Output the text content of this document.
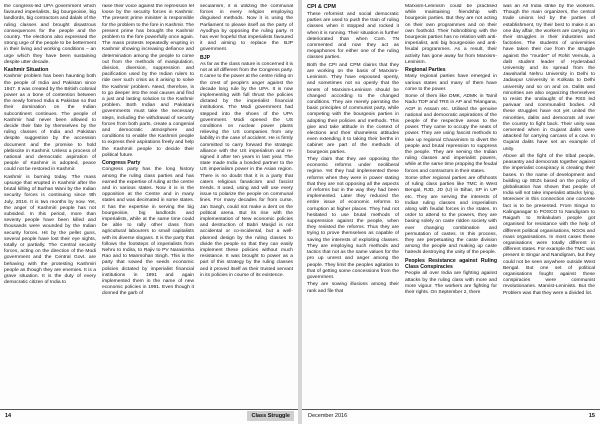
the congress-led UPA government which favoured imperialists, big bourgeoisie, big landlords, big contractors and dalals of the ruling classes and brought disastrous consequences for the people and the country. The elections also expressed the strong urge of the people to be betterment in their living and working conditions – an urge which they have been sustaining despite utter decade.

Kashmir Situation

Kashmir problem has been haunting both the people of India and Pakistan since 1947. It was created by the British colonial power as a bone of contention between the newly formed India & Pakistan so that their domination on the Indian subcontinent continues. The people of Kashmir had never been allowed to decide their fate by themselves by the ruling classes of India and Pakistan despite suggestion by the accession document and the promise to hold plebiscite in Kashmir. Unless a process of national and democratic aspiration of people of Kashmir is adopted, peace could not be restored in Kashmir.

Kashmir is burning today. The mass upsurge that erupted in Kashmir after the brutal killing of Burhan Wani by the Indian security forces is continuing since 9th July, 2016. It is two months by now. Yet, the anger of Kashmiri people has not subsided. In this period, more than seventy people have been killed and thousands were wounded by the Indian security forces. Hit by the pellet guns, several people have lost their eye sights, totally or partially. The Central security forces, acting on the direction of the Modi government and the Central Govt. are behaving with the protesting Kashmiri people as though they are enemies. It is a grave situation. It is the duty of every democratic citizen of India to

raise their voice against the repression let loose by the security forces in Kashmir. The present prime minister is responsible for the problem to the fore in Kashmir. The present prime has brought the Kashmir problem to the fore powerfully once again. The mass protests repeatedly erupting in Kashmir showing increasing defiance and determination among the people to come out from the methods of manipulation, division, diversion, suppression and pacification used by the Indian rulers to ride over such crisis as it arising to solve the Kashmir problem. Need, therefore, is to go deeper into the real causes and find a just and lasting solution to the Kashmir problem. Both Indian and Pakistani governments must take the necessary steps, including the withdrawal of security forces from both parts, create a congenial and democratic atmosphere and conditions to enable the Kashmiri people to express their aspirations freely and help the Kashmiri people to decide their political future.

Congress Party

Congress party has the long history among the ruling class parties and has earned the expertise of ruling at the centre and in various states. Now it is in the opposition at the Centre and in many states and was decimated in some states. It has the expertise in serving the big bourgeoisie, big landlords and imperialists, while at the same time could be able to rally other class from agricultural labourers to small capitalists with its diverse slogans. It is the party that follows the footsteps of imperialists from Nehru to Indira, to Rajiv to PV Narasimha Rao and to Manmohan Singh. This is the party that sowed the seeds economic policies dictated by imperialist financial institutions in 1991 and again implemented them in the name of new economic policies in 1991. Even though it donned the garb of

secularism, it is utilizing the communal forces in every religion employing disguised methods. Now it is using the Parliament to please itself as the party of Ayodhya by opposing the ruling party. It has ever hopeful that imperialists favoured it and aiming to replace the BJP government.

BJP

As far as the class nature is concerned it is not at all different from the Congress party. It came to the power at the centre riding on the crest of people's anger against the decade long rule by the UPA. It is now implementing with full thrust the policies dictated by the imperialist financial institutions. The Modi government had stepped into the shoes of the UPA government. Modi opened the US conditions on nuclear power plants relieving the US companies from any liability in the case of accident. He is firmly committed to carry forward the strategic alliance with the US imperialism and re-signed it after ten years in last year. The state made India a bonded partner to the US imperialism power in the Asian region. There is no doubt that it is a party that caters religious fanaticism and fascist trends. It used, using and will use every issue to polarize the people on communal lines. For many decades for from curse, Jan Sangh, could not make a dent on the political arena. But its rise with the implementation of New economic policies and destruction of Babri Masjid is not accidental or co-incidental, but a well-planned design by the ruling classes to divide the people so that they can easily implement these policies without much resistance. It was brought to power as a part of this strategy by the ruling classes and it proved itself as their trusted servant in its policies in course of its existence.

14	Class Struggle
CPI & CPM

These reformist and social democratic parties are used to push the train of ruling classes when it stopped and rocked it when it is running. Their situation is further deteriorated than when Com. TN commented and now they act as megaphones for either one of the ruling classes parties.

Both the CPI and CPM claims that they are working on the basis of Marxism-Leninism. They have espoused openly, and sometimes not so openly that the tenets of Marxism-Leninism should be changed according to the changed conditions. They are merely parroting the basic principles of communist party, while competing with the bourgeois parties in adopting their policies and methods. This give and take attitude in the context of elections and their shameless attitudes even extending it to taking their berths in cabinet are part of the methods of bourgeois parties.

They claim that they are opposing the economic reforms under neoliberal regime. Yet they had implemented these reforms when they were in power stating that they are not opposing all the aspects of reforms but in the way they had been implemented. Later they reduced the entire issue of economic reforms to corruption at higher places. They had not hesitated to use brutal methods of suppression against the people, when they resisted the reforms. Thus they are trying to prove themselves as capable of saving the interests of exploiting classes. They are employing such methods and tactics that not as the same values for the pro up unrest and anger among the people. They limit the peoples agitation to that of getting some concessions from the government.

They are sowing illusions among their rank and file that

Marxism-Leninism could be practised while maintaining friendship with bourgeois parties. But they are not acting on their own programmes and on their own foothold. Their hobnobbing with the bourgeois parties has no relation with anti-imperialist, anti big bourgeoisie and anti-feudal programmes. As a result, their activity has gone away far from Marxism-Leninism.

Regional Parties

Many regional parties have emerged in various states and many of them have come to the power.

Some of them like DMK, ADMK in Tamil Nadu TDP and TRS in AP and Telangana, AGP in Assam etc. Utilised the genuine national and democratic aspirations of the people of the respective areas to the power. They came to occupy the seats of power. They are using fascist methods to take up regional Chauvinism to divert the people and brutal repression to suppress the people. They are serving the Indian ruling classes and imperialist powers, while at the same time propping the feudal forces and contractors in their states.

Some other regional parties are offshoots of ruling class parties like TMC in West Bengal, RJD, JD (U) in Bihar, SP in UP etc. They are serving the interests of Indian ruling classes and imperialism along with feudal forces in the states. In order to attend to the powers, they are basing solely on caste ridden society with ever changing combination and permutation of castes. In this process, they are perpetuating the caste division among the people and making up caste hatreds destroying the unity of the people.

Peoples Resistance against Ruling Class Conspiracies

People all over India are fighting against attacks by the ruling class with more and more vigour. The workers are fighting for their rights. On September 2, there

was an All India strike by the workers. Though the main organizers, the central trade unions led by the parties of establishment, try their best to make it an one day affair, the workers are carrying on their struggles in their industries and factories. The students of universities have taken their cue from the struggle against the "murder" of Rohit Vemula, a dalit student leader of Hyderabad University and its spread from the Jawaharlal Nehru University in Delhi to Jadavpur University in Kolkata to Delhi university and so on and on. Dalits and minorities are also organizing themselves to resist the onslaught of the RSS led parivaar and communalist bodies. All these struggles have not yet united the minorities, dalits and democrats all over the country to fight back. Their unity was cemented when in Gujarat dalits were attacked for carrying carcass of a cow. In Gujarat dalits have set an example of unity.

Above all the fight of the tribal people, peasantry and democrats together against the imperialist conspiracy is creating their bases. In the name of development and building up SEZs based on the policy of globalisation has shown that people of India will not take imperialist attacks lying. Moreover in this connection one concrete fact is to be presented. From Singur to Kalinganagar to POSCO to Nandigram to Raigarh to Srikakulam people got organised for resistance with the help of different political organisations, NGOs and mass organisations. In most cases these organisations were totally different in different states. For example the TMC was present in Singur and Nandigram, but they could not be seen anywhere outside West Bengal. But one set of political organisations fought against these conspiracies were communist revolutionaries. Marxist-Leninists. But the Problem was that they were a divided lot.

December 2016	15
